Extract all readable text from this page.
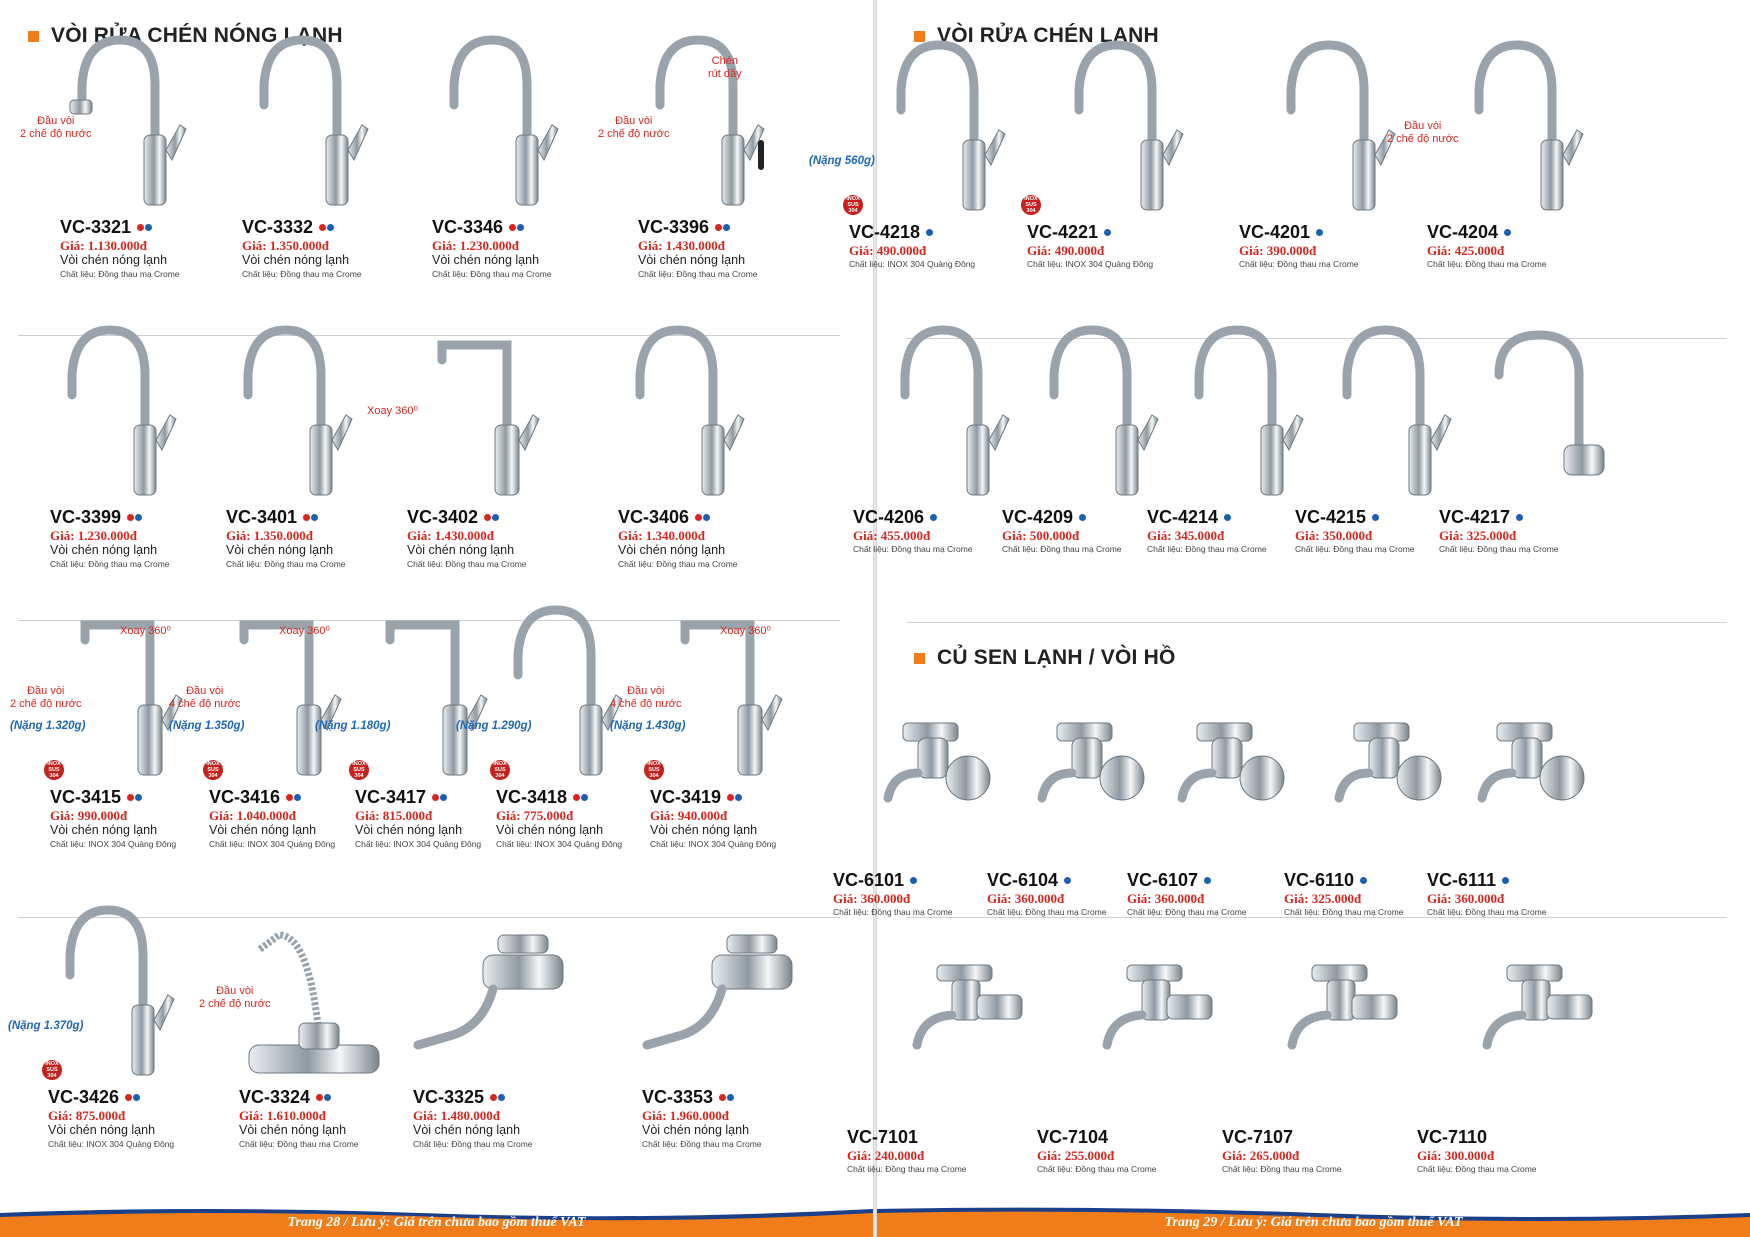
VÒI RỬA CHÉN NÓNG LẠNH
Đầu vòi
2 chế độ nước
VC-3321
Giá: 1.130.000đ
Vòi chén nóng lạnh
Chất liệu: Đồng thau mạ Crome
VC-3332
Giá: 1.350.000đ
Vòi chén nóng lạnh
Chất liệu: Đồng thau mạ Crome
VC-3346
Giá: 1.230.000đ
Vòi chén nóng lạnh
Chất liệu: Đồng thau mạ Crome
Đầu vòi
2 chế độ nước
Chén
rút dây
VC-3396
Giá: 1.430.000đ
Vòi chén nóng lạnh
Chất liệu: Đồng thau mạ Crome
VC-3399
Giá: 1.230.000đ
Vòi chén nóng lạnh
Chất liệu: Đồng thau mạ Crome
VC-3401
Giá: 1.350.000đ
Vòi chén nóng lạnh
Chất liệu: Đồng thau mạ Crome
Xoay 360⁰
VC-3402
Giá: 1.430.000đ
Vòi chén nóng lạnh
Chất liệu: Đồng thau mạ Crome
VC-3406
Giá: 1.340.000đ
Vòi chén nóng lạnh
Chất liệu: Đồng thau mạ Crome
Đầu vòi
2 chế độ nước
Xoay 360⁰
(Nặng 1.320g)
INOX
SUS
304
VC-3415
Giá: 990.000đ
Vòi chén nóng lạnh
Chất liệu: INOX 304 Quảng Đông
Đầu vòi
4 chế độ nước
Xoay 360⁰
(Nặng 1.350g)
INOX
SUS
304
VC-3416
Giá: 1.040.000đ
Vòi chén nóng lạnh
Chất liệu: INOX 304 Quảng Đông
(Nặng 1.180g)
INOX
SUS
304
VC-3417
Giá: 815.000đ
Vòi chén nóng lạnh
Chất liệu: INOX 304 Quảng Đông
(Nặng 1.290g)
INOX
SUS
304
VC-3418
Giá: 775.000đ
Vòi chén nóng lạnh
Chất liệu: INOX 304 Quảng Đông
Đầu vòi
4 chế độ nước
Xoay 360⁰
(Nặng 1.430g)
INOX
SUS
304
VC-3419
Giá: 940.000đ
Vòi chén nóng lạnh
Chất liệu: INOX 304 Quảng Đông
(Nặng 1.370g)
INOX
SUS
304
VC-3426
Giá: 875.000đ
Vòi chén nóng lạnh
Chất liệu: INOX 304 Quảng Đông
Đầu vòi
2 chế độ nước
VC-3324
Giá: 1.610.000đ
Vòi chén nóng lạnh
Chất liệu: Đồng thau mạ Crome
VC-3325
Giá: 1.480.000đ
Vòi chén nóng lạnh
Chất liệu: Đồng thau mạ Crome
VC-3353
Giá: 1.960.000đ
Vòi chén nóng lạnh
Chất liệu: Đồng thau mạ Crome
Trang 28 / Lưu ý: Giá trên chưa bao gồm thuế VAT
VÒI RỬA CHÉN LẠNH
CỦ SEN LẠNH / VÒI HỒ
(Nặng 560g)
INOX
SUS
304
VC-4218
Giá: 490.000đ
Chất liệu: INOX 304 Quảng Đông
INOX
SUS
304
VC-4221
Giá: 490.000đ
Chất liệu: INOX 304 Quảng Đông
VC-4201
Giá: 390.000đ
Chất liệu: Đồng thau mạ Crome
Đầu vòi
2 chế độ nước
VC-4204
Giá: 425.000đ
Chất liệu: Đồng thau mạ Crome
VC-4206
Giá: 455.000đ
Chất liệu: Đồng thau mạ Crome
VC-4209
Giá: 500.000đ
Chất liệu: Đồng thau mạ Crome
VC-4214
Giá: 345.000đ
Chất liệu: Đồng thau mạ Crome
VC-4215
Giá: 350.000đ
Chất liệu: Đồng thau mạ Crome
VC-4217
Giá: 325.000đ
Chất liệu: Đồng thau mạ Crome
VC-6101
Giá: 360.000đ
Chất liệu: Đồng thau mạ Crome
VC-6104
Giá: 360.000đ
Chất liệu: Đồng thau mạ Crome
VC-6107
Giá: 360.000đ
Chất liệu: Đồng thau mạ Crome
VC-6110
Giá: 325.000đ
Chất liệu: Đồng thau mạ Crome
VC-6111
Giá: 360.000đ
Chất liệu: Đồng thau mạ Crome
VC-7101
Giá: 240.000đ
Chất liệu: Đồng thau mạ Crome
VC-7104
Giá: 255.000đ
Chất liệu: Đồng thau mạ Crome
VC-7107
Giá: 265.000đ
Chất liệu: Đồng thau mạ Crome
VC-7110
Giá: 300.000đ
Chất liệu: Đồng thau mạ Crome
Trang 29 / Lưu ý: Giá trên chưa bao gồm thuế VAT
